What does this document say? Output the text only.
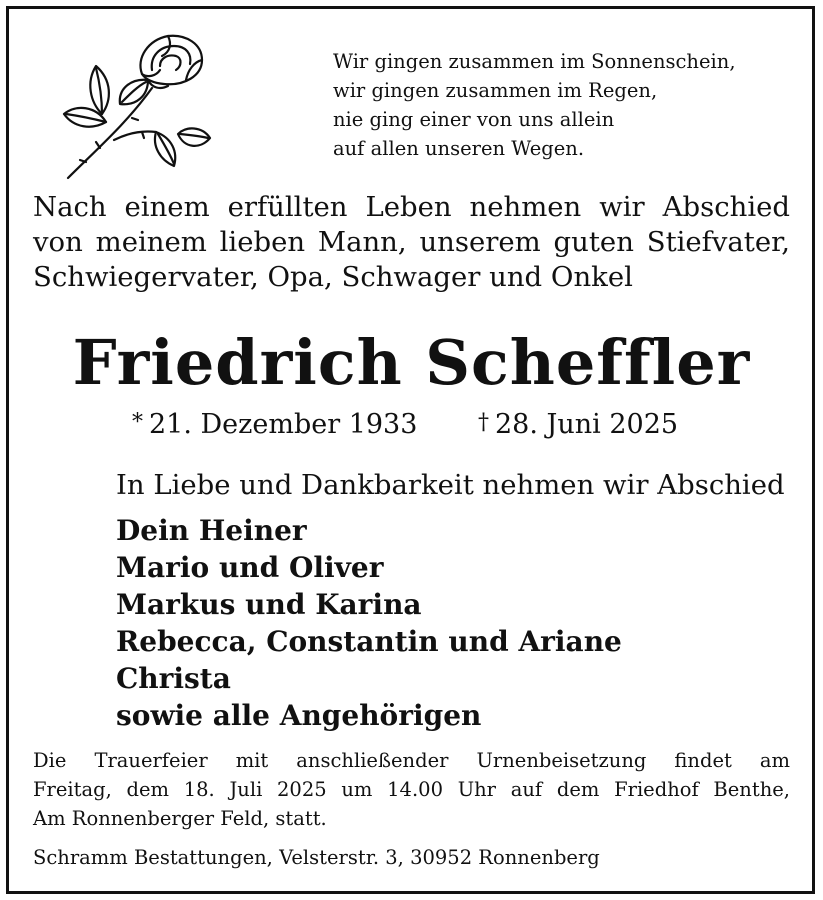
Wir gingen zusammen im Sonnenschein,
wir gingen zusammen im Regen,
nie ging einer von uns allein
auf allen unseren Wegen.
Nach einem erfüllten Leben nehmen wir Abschied
von meinem lieben Mann, unserem guten Stiefvater,
Schwiegervater, Opa, Schwager und Onkel
Friedrich Scheffler
* 21. Dezember 1933	† 28. Juni 2025
In Liebe und Dankbarkeit nehmen wir Abschied
Dein Heiner
Mario und Oliver
Markus und Karina
Rebecca, Constantin und Ariane
Christa
sowie alle Angehörigen
Die Trauerfeier mit anschließender Urnenbeisetzung findet am
Freitag, dem 18. Juli 2025 um 14.00 Uhr auf dem Friedhof Benthe,
Am Ronnenberger Feld, statt.
Schramm Bestattungen, Velsterstr. 3, 30952 Ronnenberg
